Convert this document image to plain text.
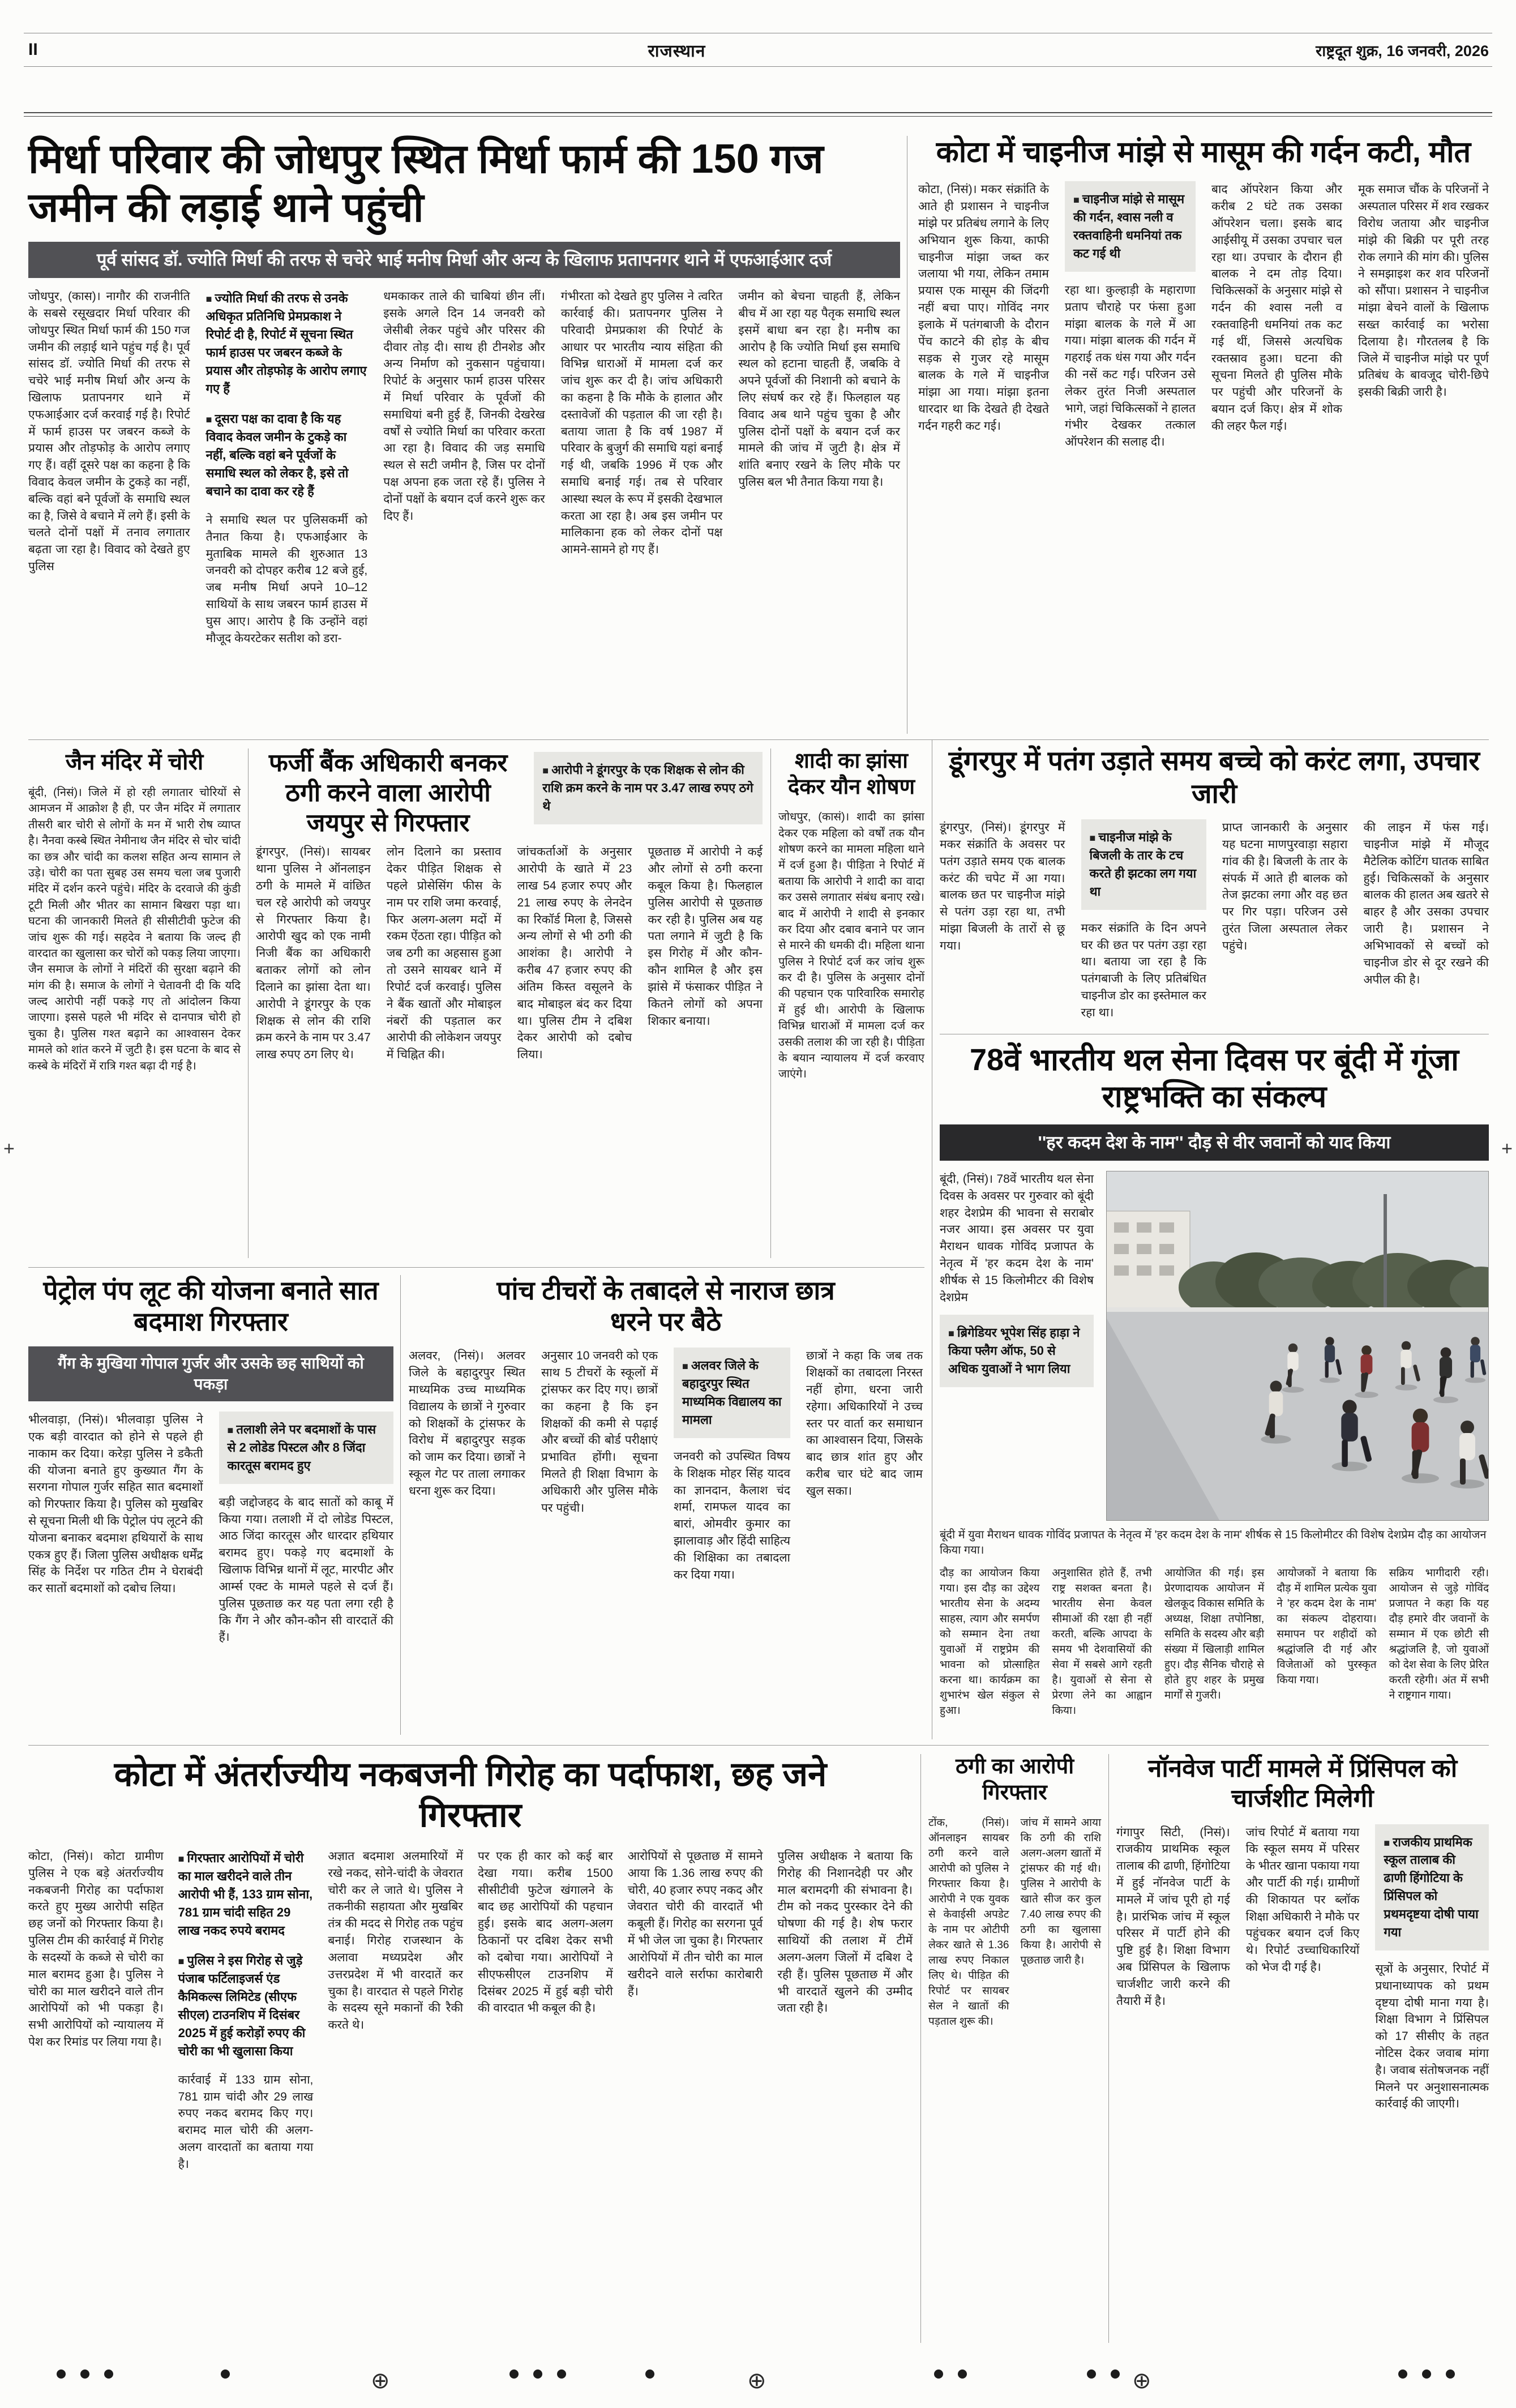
II	राजस्थान	राष्ट्रदूत शुक्र, 16 जनवरी, 2026
मिर्धा परिवार की जोधपुर स्थित मिर्धा फार्म की 150 गज जमीन की लड़ाई थाने पहुंची
पूर्व सांसद डॉ. ज्योति मिर्धा की तरफ से चचेरे भाई मनीष मिर्धा और अन्य के खिलाफ प्रतापनगर थाने में एफआईआर दर्ज
जोधपुर, (कास)। नागौर की राजनीति के सबसे रसूखदार मिर्धा परिवार की जोधपुर स्थित मिर्धा फार्म की 150 गज जमीन की लड़ाई थाने पहुंच गई है। पूर्व सांसद डॉ. ज्योति मिर्धा की तरफ से चचेरे भाई मनीष मिर्धा और अन्य के खिलाफ प्रतापनगर थाने में एफआईआर दर्ज करवाई गई है। रिपोर्ट में फार्म हाउस पर जबरन कब्जे के प्रयास और तोड़फोड़ के आरोप लगाए गए हैं। वहीं दूसरे पक्ष का कहना है कि विवाद केवल जमीन के टुकड़े का नहीं, बल्कि वहां बने पूर्वजों के समाधि स्थल का है, जिसे वे बचाने में लगे हैं। इसी के चलते दोनों पक्षों में तनाव लगातार बढ़ता जा रहा है। विवाद को देखते हुए पुलिस
■ ज्योति मिर्धा की तरफ से उनके अधिकृत प्रतिनिधि प्रेमप्रकाश ने रिपोर्ट दी है, रिपोर्ट में सूचना स्थित फार्म हाउस पर जबरन कब्जे के प्रयास और तोड़फोड़ के आरोप लगाए गए हैं
■ दूसरा पक्ष का दावा है कि यह विवाद केवल जमीन के टुकड़े का नहीं, बल्कि वहां बने पूर्वजों के समाधि स्थल को लेकर है, इसे तो बचाने का दावा कर रहे हैं
ने समाधि स्थल पर पुलिसकर्मी को तैनात किया है। एफआईआर के मुताबिक मामले की शुरुआत 13 जनवरी को दोपहर करीब 12 बजे हुई, जब मनीष मिर्धा अपने 10–12 साथियों के साथ जबरन फार्म हाउस में घुस आए। आरोप है कि उन्होंने वहां मौजूद केयरटेकर सतीश को डरा-
धमकाकर ताले की चाबियां छीन लीं। इसके अगले दिन 14 जनवरी को जेसीबी लेकर पहुंचे और परिसर की दीवार तोड़ दी। साथ ही टीनशेड और अन्य निर्माण को नुकसान पहुंचाया। रिपोर्ट के अनुसार फार्म हाउस परिसर में मिर्धा परिवार के पूर्वजों की समाधियां बनी हुई हैं, जिनकी देखरेख वर्षों से ज्योति मिर्धा का परिवार करता आ रहा है। विवाद की जड़ समाधि स्थल से सटी जमीन है, जिस पर दोनों पक्ष अपना हक जता रहे हैं। पुलिस ने दोनों पक्षों के बयान दर्ज करने शुरू कर दिए हैं।
गंभीरता को देखते हुए पुलिस ने त्वरित कार्रवाई की। प्रतापनगर पुलिस ने परिवादी प्रेमप्रकाश की रिपोर्ट के आधार पर भारतीय न्याय संहिता की विभिन्न धाराओं में मामला दर्ज कर जांच शुरू कर दी है। जांच अधिकारी का कहना है कि मौके के हालात और दस्तावेजों की पड़ताल की जा रही है। बताया जाता है कि वर्ष 1987 में परिवार के बुजुर्ग की समाधि यहां बनाई गई थी, जबकि 1996 में एक और समाधि बनाई गई। तब से परिवार आस्था स्थल के रूप में इसकी देखभाल करता आ रहा है। अब इस जमीन पर मालिकाना हक को लेकर दोनों पक्ष आमने-सामने हो गए हैं।
जमीन को बेचना चाहती हैं, लेकिन बीच में आ रहा यह पैतृक समाधि स्थल इसमें बाधा बन रहा है। मनीष का आरोप है कि ज्योति मिर्धा इस समाधि स्थल को हटाना चाहती हैं, जबकि वे अपने पूर्वजों की निशानी को बचाने के लिए संघर्ष कर रहे हैं। फिलहाल यह विवाद अब थाने पहुंच चुका है और पुलिस दोनों पक्षों के बयान दर्ज कर मामले की जांच में जुटी है। क्षेत्र में शांति बनाए रखने के लिए मौके पर पुलिस बल भी तैनात किया गया है।
कोटा में चाइनीज मांझे से मासूम की गर्दन कटी, मौत
कोटा, (निसं)। मकर संक्रांति के आते ही प्रशासन ने चाइनीज मांझे पर प्रतिबंध लगाने के लिए अभियान शुरू किया, काफी चाइनीज मांझा जब्त कर जलाया भी गया, लेकिन तमाम प्रयास एक मासूम की जिंदगी नहीं बचा पाए। गोविंद नगर इलाके में पतंगबाजी के दौरान पेंच काटने की होड़ के बीच सड़क से गुजर रहे मासूम बालक के गले में चाइनीज मांझा आ गया। मांझा इतना धारदार था कि देखते ही देखते गर्दन गहरी कट गई।
■ चाइनीज मांझे से मासूम की गर्दन, श्वास नली व रक्तवाहिनी धमनियां तक कट गई थी
रहा था। कुल्हाड़ी के महाराणा प्रताप चौराहे पर फंसा हुआ मांझा बालक के गले में आ गया। मांझा बालक की गर्दन में गहराई तक धंस गया और गर्दन की नसें कट गईं। परिजन उसे लेकर तुरंत निजी अस्पताल भागे, जहां चिकित्सकों ने हालत गंभीर देखकर तत्काल ऑपरेशन की सलाह दी।
बाद ऑपरेशन किया और करीब 2 घंटे तक उसका ऑपरेशन चला। इसके बाद आईसीयू में उसका उपचार चल रहा था। उपचार के दौरान ही बालक ने दम तोड़ दिया। चिकित्सकों के अनुसार मांझे से गर्दन की श्वास नली व रक्तवाहिनी धमनियां तक कट गई थीं, जिससे अत्यधिक रक्तस्राव हुआ। घटना की सूचना मिलते ही पुलिस मौके पर पहुंची और परिजनों के बयान दर्ज किए। क्षेत्र में शोक की लहर फैल गई।
मूक समाज चौंक के परिजनों ने अस्पताल परिसर में शव रखकर विरोध जताया और चाइनीज मांझे की बिक्री पर पूरी तरह रोक लगाने की मांग की। पुलिस ने समझाइश कर शव परिजनों को सौंपा। प्रशासन ने चाइनीज मांझा बेचने वालों के खिलाफ सख्त कार्रवाई का भरोसा दिलाया है। गौरतलब है कि जिले में चाइनीज मांझे पर पूर्ण प्रतिबंध के बावजूद चोरी-छिपे इसकी बिक्री जारी है।
जैन मंदिर में चोरी
बूंदी, (निसं)। जिले में हो रही लगातार चोरियों से आमजन में आक्रोश है ही, पर जैन मंदिर में लगातार तीसरी बार चोरी से लोगों के मन में भारी रोष व्याप्त है। नैनवा कस्बे स्थित नेमीनाथ जैन मंदिर से चोर चांदी का छत्र और चांदी का कलश सहित अन्य सामान ले उड़े। चोरी का पता सुबह उस समय चला जब पुजारी मंदिर में दर्शन करने पहुंचे। मंदिर के दरवाजे की कुंडी टूटी मिली और भीतर का सामान बिखरा पड़ा था। घटना की जानकारी मिलते ही सीसीटीवी फुटेज की जांच शुरू की गई। सहदेव ने बताया कि जल्द ही वारदात का खुलासा कर चोरों को पकड़ लिया जाएगा। जैन समाज के लोगों ने मंदिरों की सुरक्षा बढ़ाने की मांग की है। समाज के लोगों ने चेतावनी दी कि यदि जल्द आरोपी नहीं पकड़े गए तो आंदोलन किया जाएगा। इससे पहले भी मंदिर से दानपात्र चोरी हो चुका है। पुलिस गश्त बढ़ाने का आश्वासन देकर मामले को शांत करने में जुटी है। इस घटना के बाद से कस्बे के मंदिरों में रात्रि गश्त बढ़ा दी गई है।
फर्जी बैंक अधिकारी बनकर ठगी करने वाला आरोपी जयपुर से गिरफ्तार
■ आरोपी ने डूंगरपुर के एक शिक्षक से लोन की राशि क्रम करने के नाम पर 3.47 लाख रुपए ठगे थे
डूंगरपुर, (निसं)। सायबर थाना पुलिस ने ऑनलाइन ठगी के मामले में वांछित चल रहे आरोपी को जयपुर से गिरफ्तार किया है। आरोपी खुद को एक नामी निजी बैंक का अधिकारी बताकर लोगों को लोन दिलाने का झांसा देता था। आरोपी ने डूंगरपुर के एक शिक्षक से लोन की राशि क्रम करने के नाम पर 3.47 लाख रुपए ठग लिए थे।
लोन दिलाने का प्रस्ताव देकर पीड़ित शिक्षक से पहले प्रोसेसिंग फीस के नाम पर राशि जमा करवाई, फिर अलग-अलग मदों में रकम ऐंठता रहा। पीड़ित को जब ठगी का अहसास हुआ तो उसने सायबर थाने में रिपोर्ट दर्ज करवाई। पुलिस ने बैंक खातों और मोबाइल नंबरों की पड़ताल कर आरोपी की लोकेशन जयपुर में चिह्नित की।
जांचकर्ताओं के अनुसार आरोपी के खाते में 23 लाख 54 हजार रुपए और 21 लाख रुपए के लेनदेन का रिकॉर्ड मिला है, जिससे अन्य लोगों से भी ठगी की आशंका है। आरोपी ने करीब 47 हजार रुपए की अंतिम किस्त वसूलने के बाद मोबाइल बंद कर दिया था। पुलिस टीम ने दबिश देकर आरोपी को दबोच लिया।
पूछताछ में आरोपी ने कई और लोगों से ठगी करना कबूल किया है। फिलहाल पुलिस आरोपी से पूछताछ कर रही है। पुलिस अब यह पता लगाने में जुटी है कि इस गिरोह में और कौन-कौन शामिल है और इस झांसे में फंसाकर पीड़ित ने कितने लोगों को अपना शिकार बनाया।
शादी का झांसा देकर यौन शोषण
जोधपुर, (कासं)। शादी का झांसा देकर एक महिला को वर्षों तक यौन शोषण करने का मामला महिला थाने में दर्ज हुआ है। पीड़िता ने रिपोर्ट में बताया कि आरोपी ने शादी का वादा कर उससे लगातार संबंध बनाए रखे। बाद में आरोपी ने शादी से इनकार कर दिया और दबाव बनाने पर जान से मारने की धमकी दी। महिला थाना पुलिस ने रिपोर्ट दर्ज कर जांच शुरू कर दी है। पुलिस के अनुसार दोनों की पहचान एक पारिवारिक समारोह में हुई थी। आरोपी के खिलाफ विभिन्न धाराओं में मामला दर्ज कर उसकी तलाश की जा रही है। पीड़िता के बयान न्यायालय में दर्ज करवाए जाएंगे।
डूंगरपुर में पतंग उड़ाते समय बच्चे को करंट लगा, उपचार जारी
डूंगरपुर, (निसं)। डूंगरपुर में मकर संक्रांति के अवसर पर पतंग उड़ाते समय एक बालक करंट की चपेट में आ गया। बालक छत पर चाइनीज मांझे से पतंग उड़ा रहा था, तभी मांझा बिजली के तारों से छू गया।
■ चाइनीज मांझे के बिजली के तार के टच करते ही झटका लग गया था
मकर संक्रांति के दिन अपने घर की छत पर पतंग उड़ा रहा था। बताया जा रहा है कि पतंगबाजी के लिए प्रतिबंधित चाइनीज डोर का इस्तेमाल कर रहा था।
प्राप्त जानकारी के अनुसार यह घटना माणपुरवाड़ा सहारा गांव की है। बिजली के तार के संपर्क में आते ही बालक को तेज झटका लगा और वह छत पर गिर पड़ा। परिजन उसे तुरंत जिला अस्पताल लेकर पहुंचे।
की लाइन में फंस गई। चाइनीज मांझे में मौजूद मैटेलिक कोटिंग घातक साबित हुई। चिकित्सकों के अनुसार बालक की हालत अब खतरे से बाहर है और उसका उपचार जारी है। प्रशासन ने अभिभावकों से बच्चों को चाइनीज डोर से दूर रखने की अपील की है।
78वें भारतीय थल सेना दिवस पर बूंदी में गूंजा राष्ट्रभक्ति का संकल्प
''हर कदम देश के नाम'' दौड़ से वीर जवानों को याद किया
बूंदी, (निसं)। 78वें भारतीय थल सेना दिवस के अवसर पर गुरुवार को बूंदी शहर देशप्रेम की भावना से सराबोर नजर आया। इस अवसर पर युवा मैराथन धावक गोविंद प्रजापत के नेतृत्व में 'हर कदम देश के नाम' शीर्षक से 15 किलोमीटर की विशेष देशप्रेम
■ ब्रिगेडियर भूपेश सिंह हाड़ा ने किया फ्लैग ऑफ, 50 से अधिक युवाओं ने भाग लिया
बूंदी में युवा मैराथन धावक गोविंद प्रजापत के नेतृत्व में 'हर कदम देश के नाम' शीर्षक से 15 किलोमीटर की विशेष देशप्रेम दौड़ का आयोजन किया गया।
दौड़ का आयोजन किया गया। इस दौड़ का उद्देश्य भारतीय सेना के अदम्य साहस, त्याग और समर्पण को सम्मान देना तथा युवाओं में राष्ट्रप्रेम की भावना को प्रोत्साहित करना था। कार्यक्रम का शुभारंभ खेल संकुल से हुआ।
अनुशासित होते हैं, तभी राष्ट्र सशक्त बनता है। भारतीय सेना केवल सीमाओं की रक्षा ही नहीं करती, बल्कि आपदा के समय भी देशवासियों की सेवा में सबसे आगे रहती है। युवाओं से सेना से प्रेरणा लेने का आह्वान किया।
आयोजित की गई। इस प्रेरणादायक आयोजन में खेलकूद विकास समिति के अध्यक्ष, शिक्षा तपोनिष्ठा, समिति के सदस्य और बड़ी संख्या में खिलाड़ी शामिल हुए। दौड़ सैनिक चौराहे से होते हुए शहर के प्रमुख मार्गों से गुजरी।
आयोजकों ने बताया कि दौड़ में शामिल प्रत्येक युवा ने 'हर कदम देश के नाम' का संकल्प दोहराया। समापन पर शहीदों को श्रद्धांजलि दी गई और विजेताओं को पुरस्कृत किया गया।
सक्रिय भागीदारी रही। आयोजन से जुड़े गोविंद प्रजापत ने कहा कि यह दौड़ हमारे वीर जवानों के सम्मान में एक छोटी सी श्रद्धांजलि है, जो युवाओं को देश सेवा के लिए प्रेरित करती रहेगी। अंत में सभी ने राष्ट्रगान गाया।
पेट्रोल पंप लूट की योजना बनाते सात बदमाश गिरफ्तार
गैंग के मुखिया गोपाल गुर्जर और उसके छह साथियों को पकड़ा
भीलवाड़ा, (निसं)। भीलवाड़ा पुलिस ने एक बड़ी वारदात को होने से पहले ही नाकाम कर दिया। करेड़ा पुलिस ने डकैती की योजना बनाते हुए कुख्यात गैंग के सरगना गोपाल गुर्जर सहित सात बदमाशों को गिरफ्तार किया है। पुलिस को मुखबिर से सूचना मिली थी कि पेट्रोल पंप लूटने की योजना बनाकर बदमाश हथियारों के साथ एकत्र हुए हैं। जिला पुलिस अधीक्षक धर्मेंद्र सिंह के निर्देश पर गठित टीम ने घेराबंदी कर सातों बदमाशों को दबोच लिया।
■ तलाशी लेने पर बदमाशों के पास से 2 लोडेड पिस्टल और 8 जिंदा कारतूस बरामद हुए
बड़ी जद्दोजहद के बाद सातों को काबू में किया गया। तलाशी में दो लोडेड पिस्टल, आठ जिंदा कारतूस और धारदार हथियार बरामद हुए। पकड़े गए बदमाशों के खिलाफ विभिन्न थानों में लूट, मारपीट और आर्म्स एक्ट के मामले पहले से दर्ज हैं। पुलिस पूछताछ कर यह पता लगा रही है कि गैंग ने और कौन-कौन सी वारदातें की हैं।
पांच टीचरों के तबादले से नाराज छात्र धरने पर बैठे
अलवर, (निसं)। अलवर जिले के बहादुरपुर स्थित माध्यमिक उच्च माध्यमिक विद्यालय के छात्रों ने गुरुवार को शिक्षकों के ट्रांसफर के विरोध में बहादुरपुर सड़क को जाम कर दिया। छात्रों ने स्कूल गेट पर ताला लगाकर धरना शुरू कर दिया।
अनुसार 10 जनवरी को एक साथ 5 टीचरों के स्कूलों में ट्रांसफर कर दिए गए। छात्रों का कहना है कि इन शिक्षकों की कमी से पढ़ाई और बच्चों की बोर्ड परीक्षाएं प्रभावित होंगी। सूचना मिलते ही शिक्षा विभाग के अधिकारी और पुलिस मौके पर पहुंची।
■ अलवर जिले के बहादुरपुर स्थित माध्यमिक विद्यालय का मामला
जनवरी को उपस्थित विषय के शिक्षक मोहर सिंह यादव का ज्ञानदान, कैलाश चंद शर्मा, रामफल यादव का बारां, ओमवीर कुमार का झालावाड़ और हिंदी साहित्य की शिक्षिका का तबादला कर दिया गया।
छात्रों ने कहा कि जब तक शिक्षकों का तबादला निरस्त नहीं होगा, धरना जारी रहेगा। अधिकारियों ने उच्च स्तर पर वार्ता कर समाधान का आश्वासन दिया, जिसके बाद छात्र शांत हुए और करीब चार घंटे बाद जाम खुल सका।
कोटा में अंतर्राज्यीय नकबजनी गिरोह का पर्दाफाश, छह जने गिरफ्तार
कोटा, (निसं)। कोटा ग्रामीण पुलिस ने एक बड़े अंतर्राज्यीय नकबजनी गिरोह का पर्दाफाश करते हुए मुख्य आरोपी सहित छह जनों को गिरफ्तार किया है। पुलिस टीम की कार्रवाई में गिरोह के सदस्यों के कब्जे से चोरी का माल बरामद हुआ है। पुलिस ने चोरी का माल खरीदने वाले तीन आरोपियों को भी पकड़ा है। सभी आरोपियों को न्यायालय में पेश कर रिमांड पर लिया गया है।
■ गिरफ्तार आरोपियों में चोरी का माल खरीदने वाले तीन आरोपी भी हैं, 133 ग्राम सोना, 781 ग्राम चांदी सहित 29 लाख नकद रुपये बरामद
■ पुलिस ने इस गिरोह से जुड़े पंजाब फर्टिलाइजर्स एंड कैमिकल्स लिमिटेड (सीएफ सीएल) टाउनशिप में दिसंबर 2025 में हुई करोड़ों रुपए की चोरी का भी खुलासा किया
कार्रवाई में 133 ग्राम सोना, 781 ग्राम चांदी और 29 लाख रुपए नकद बरामद किए गए। बरामद माल चोरी की अलग-अलग वारदातों का बताया गया है।
अज्ञात बदमाश अलमारियों में रखे नकद, सोने-चांदी के जेवरात चोरी कर ले जाते थे। पुलिस ने तकनीकी सहायता और मुखबिर तंत्र की मदद से गिरोह तक पहुंच बनाई। गिरोह राजस्थान के अलावा मध्यप्रदेश और उत्तरप्रदेश में भी वारदातें कर चुका है। वारदात से पहले गिरोह के सदस्य सूने मकानों की रैकी करते थे।
पर एक ही कार को कई बार देखा गया। करीब 1500 सीसीटीवी फुटेज खंगालने के बाद छह आरोपियों की पहचान हुई। इसके बाद अलग-अलग ठिकानों पर दबिश देकर सभी को दबोचा गया। आरोपियों ने सीएफसीएल टाउनशिप में दिसंबर 2025 में हुई बड़ी चोरी की वारदात भी कबूल की है।
आरोपियों से पूछताछ में सामने आया कि 1.36 लाख रुपए की चोरी, 40 हजार रुपए नकद और जेवरात चोरी की वारदातें भी कबूली हैं। गिरोह का सरगना पूर्व में भी जेल जा चुका है। गिरफ्तार आरोपियों में तीन चोरी का माल खरीदने वाले सर्राफा कारोबारी हैं।
पुलिस अधीक्षक ने बताया कि गिरोह की निशानदेही पर और माल बरामदगी की संभावना है। टीम को नकद पुरस्कार देने की घोषणा की गई है। शेष फरार साथियों की तलाश में टीमें अलग-अलग जिलों में दबिश दे रही हैं। पुलिस पूछताछ में और भी वारदातें खुलने की उम्मीद जता रही है।
ठगी का आरोपी गिरफ्तार
टोंक, (निसं)। ऑनलाइन सायबर ठगी करने वाले आरोपी को पुलिस ने गिरफ्तार किया है। आरोपी ने एक युवक से केवाईसी अपडेट के नाम पर ओटीपी लेकर खाते से 1.36 लाख रुपए निकाल लिए थे। पीड़ित की रिपोर्ट पर सायबर सेल ने खातों की पड़ताल शुरू की।
जांच में सामने आया कि ठगी की राशि अलग-अलग खातों में ट्रांसफर की गई थी। पुलिस ने आरोपी के खाते सीज कर कुल 7.40 लाख रुपए की ठगी का खुलासा किया है। आरोपी से पूछताछ जारी है।
नॉनवेज पार्टी मामले में प्रिंसिपल को चार्जशीट मिलेगी
गंगापुर सिटी, (निसं)। राजकीय प्राथमिक स्कूल तालाब की ढाणी, हिंगोटिया में हुई नॉनवेज पार्टी के मामले में जांच पूरी हो गई है। प्रारंभिक जांच में स्कूल परिसर में पार्टी होने की पुष्टि हुई है। शिक्षा विभाग अब प्रिंसिपल के खिलाफ चार्जशीट जारी करने की तैयारी में है।
जांच रिपोर्ट में बताया गया कि स्कूल समय में परिसर के भीतर खाना पकाया गया और पार्टी की गई। ग्रामीणों की शिकायत पर ब्लॉक शिक्षा अधिकारी ने मौके पर पहुंचकर बयान दर्ज किए थे। रिपोर्ट उच्चाधिकारियों को भेज दी गई है।
■ राजकीय प्राथमिक स्कूल तालाब की ढाणी हिंगोटिया के प्रिंसिपल को प्रथमदृष्टया दोषी पाया गया
सूत्रों के अनुसार, रिपोर्ट में प्रधानाध्यापक को प्रथम दृष्टया दोषी माना गया है। शिक्षा विभाग ने प्रिंसिपल को 17 सीसीए के तहत नोटिस देकर जवाब मांगा है। जवाब संतोषजनक नहीं मिलने पर अनुशासनात्मक कार्रवाई की जाएगी।
+	+
⊕	⊕	⊕
